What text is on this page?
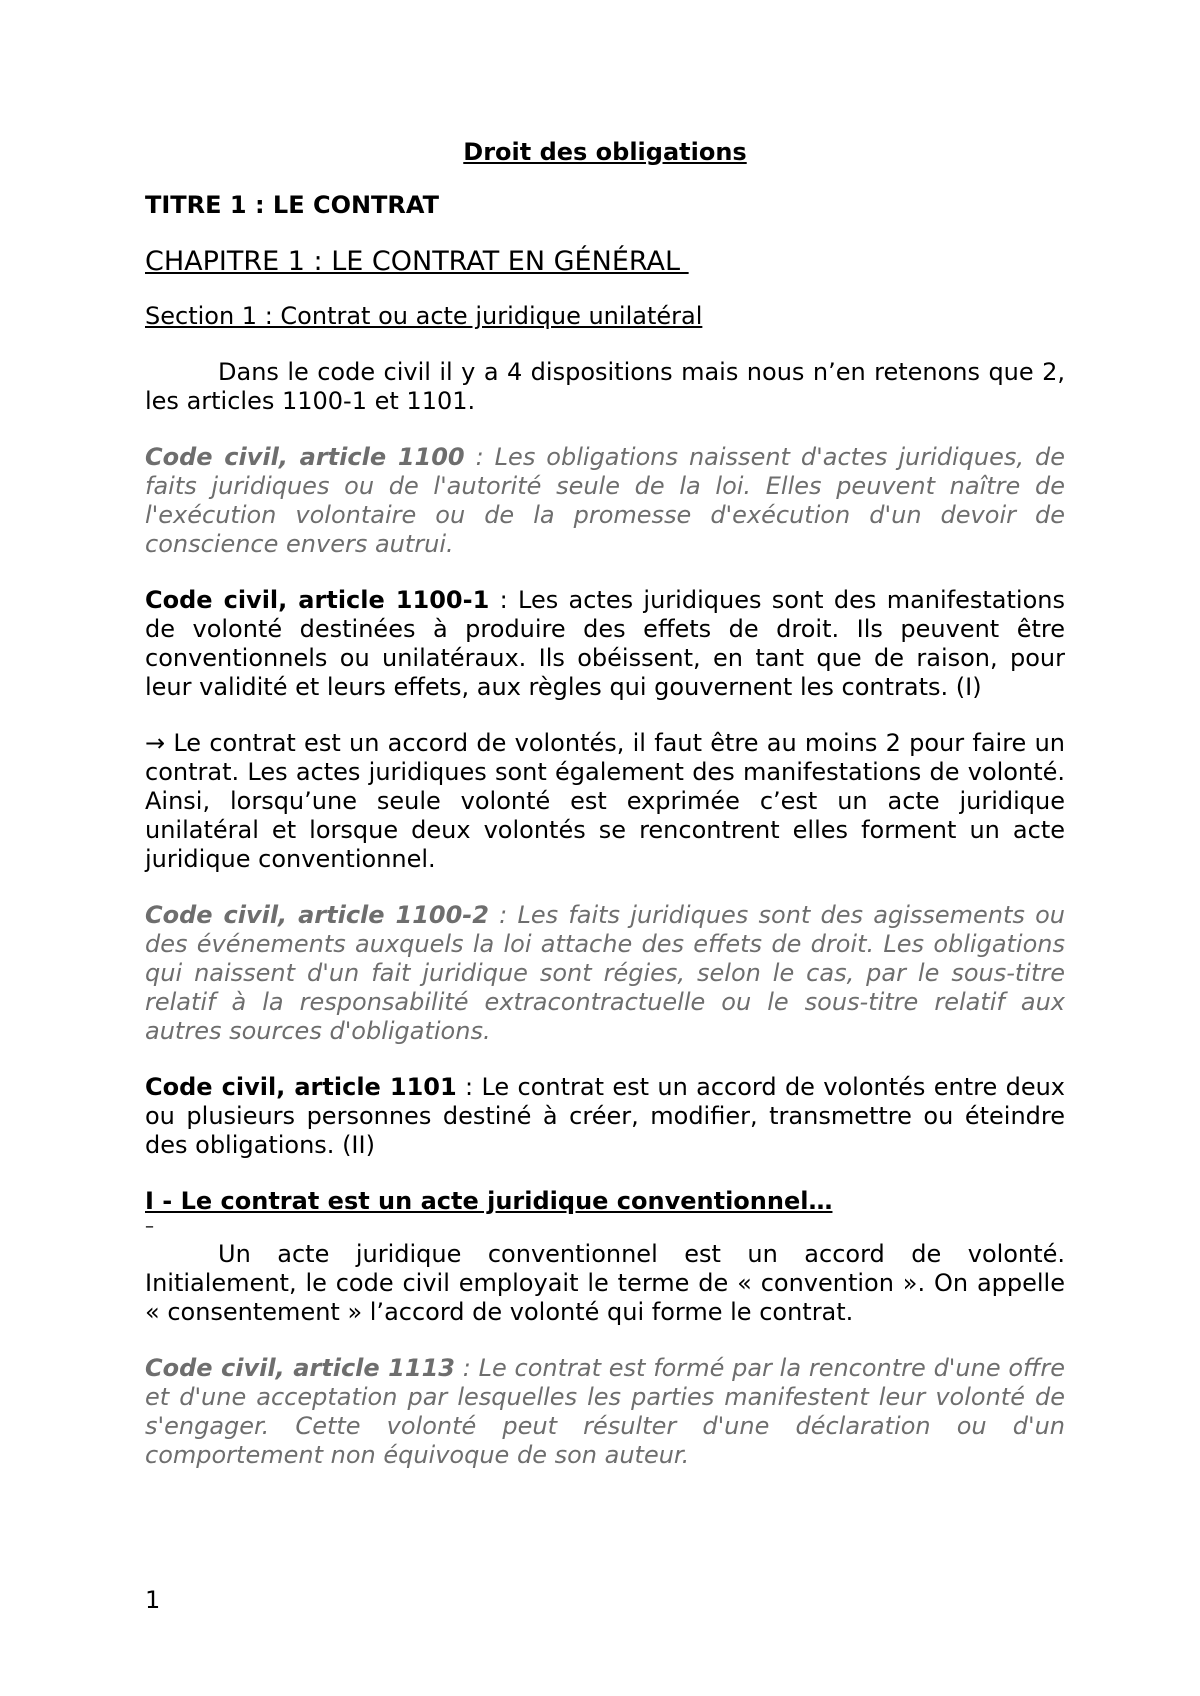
Droit des obligations
TITRE 1 : LE CONTRAT
CHAPITRE 1 : LE CONTRAT EN GÉNÉRAL
Section 1 : Contrat ou acte juridique unilatéral

Dans le code civil il y a 4 dispositions mais nous n’en retenons que 2, les articles 1100-1 et 1101.

Code civil, article 1100 : Les obligations naissent d'actes juridiques, de faits juridiques ou de l'autorité seule de la loi. Elles peuvent naître de l'exécution volontaire ou de la promesse d'exécution d'un devoir de conscience envers autrui.

Code civil, article 1100-1 : Les actes juridiques sont des manifestations de volonté destinées à produire des effets de droit. Ils peuvent être conventionnels ou unilatéraux. Ils obéissent, en tant que de raison, pour leur validité et leurs effets, aux règles qui gouvernent les contrats. (I)

→ Le contrat est un accord de volontés, il faut être au moins 2 pour faire un contrat. Les actes juridiques sont également des manifestations de volonté. Ainsi, lorsqu’une seule volonté est exprimée c’est un acte juridique unilatéral et lorsque deux volontés se rencontrent elles forment un acte juridique conventionnel.

Code civil, article 1100-2 : Les faits juridiques sont des agissements ou des événements auxquels la loi attache des effets de droit. Les obligations qui naissent d'un fait juridique sont régies, selon le cas, par le sous-titre relatif à la responsabilité extracontractuelle ou le sous-titre relatif aux autres sources d'obligations.

Code civil, article 1101 : Le contrat est un accord de volontés entre deux ou plusieurs personnes destiné à créer, modifier, transmettre ou éteindre des obligations. (II)

I - Le contrat est un acte juridique conventionnel…
–

Un acte juridique conventionnel est un accord de volonté. Initialement, le code civil employait le terme de « convention ». On appelle « consentement » l’accord de volonté qui forme le contrat.

Code civil, article 1113 : Le contrat est formé par la rencontre d'une offre et d'une acceptation par lesquelles les parties manifestent leur volonté de s'engager. Cette volonté peut résulter d'une déclaration ou d'un comportement non équivoque de son auteur.

1
